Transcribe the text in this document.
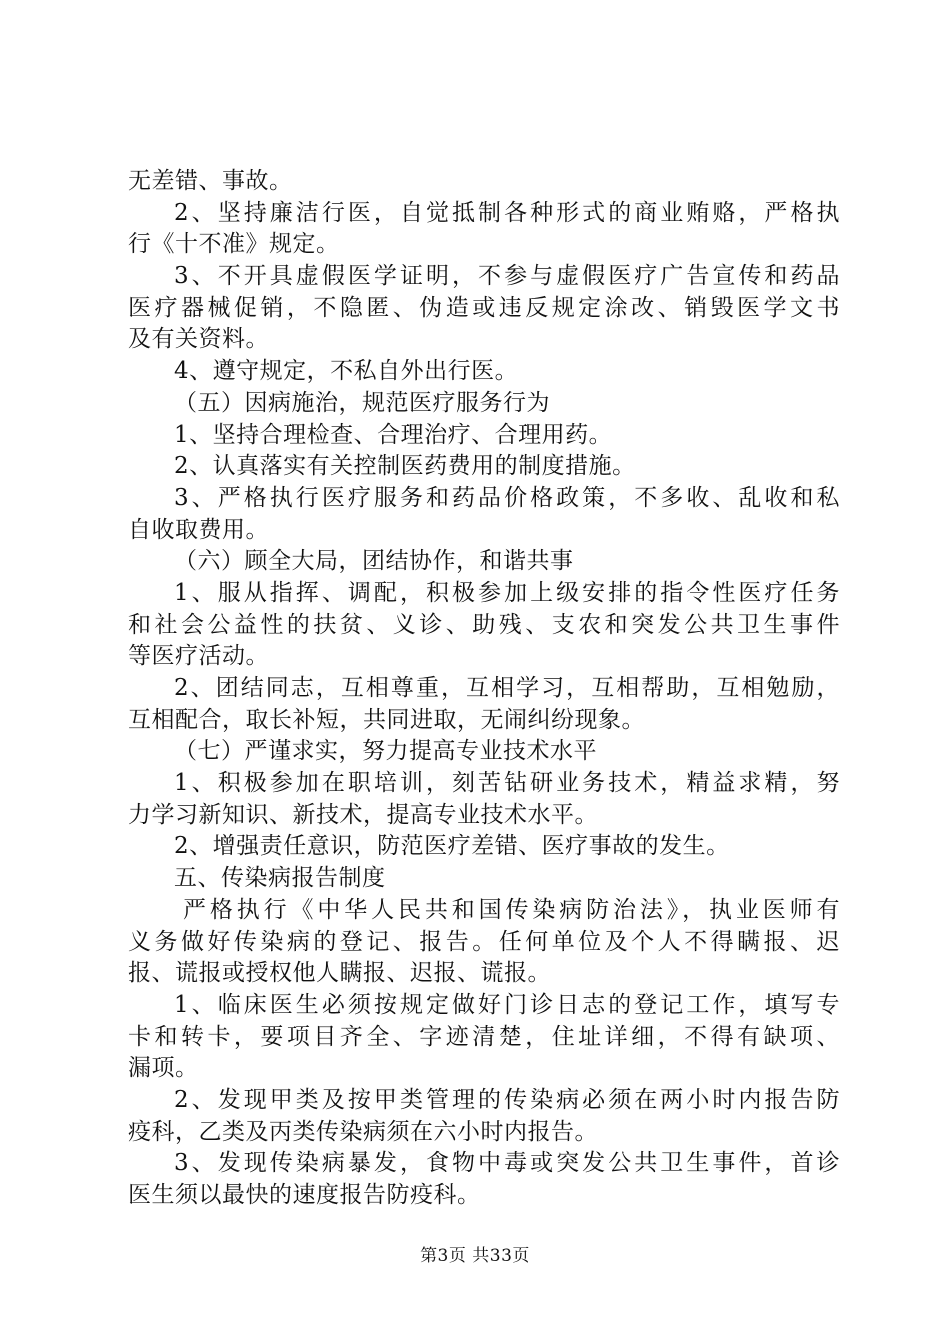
无差错、事故。
2、坚持廉洁行医，自觉抵制各种形式的商业贿赂，严格执
行《十不准》规定。
3、不开具虚假医学证明，不参与虚假医疗广告宣传和药品
医疗器械促销，不隐匿、伪造或违反规定涂改、销毁医学文书
及有关资料。
4、遵守规定，不私自外出行医。
（五）因病施治，规范医疗服务行为
1、坚持合理检查、合理治疗、合理用药。
2、认真落实有关控制医药费用的制度措施。
3、严格执行医疗服务和药品价格政策，不多收、乱收和私
自收取费用。
（六）顾全大局，团结协作，和谐共事
1、服从指挥、调配，积极参加上级安排的指令性医疗任务
和社会公益性的扶贫、义诊、助残、支农和突发公共卫生事件
等医疗活动。
2、团结同志，互相尊重，互相学习，互相帮助，互相勉励，
互相配合，取长补短，共同进取，无闹纠纷现象。
（七）严谨求实，努力提高专业技术水平
1、积极参加在职培训，刻苦钻研业务技术，精益求精，努
力学习新知识、新技术，提高专业技术水平。
2、增强责任意识，防范医疗差错、医疗事故的发生。
五、传染病报告制度
严格执行《中华人民共和国传染病防治法》，执业医师有
义务做好传染病的登记、报告。任何单位及个人不得瞒报、迟
报、谎报或授权他人瞒报、迟报、谎报。
1、临床医生必须按规定做好门诊日志的登记工作，填写专
卡和转卡，要项目齐全、字迹清楚，住址详细，不得有缺项、
漏项。
2、发现甲类及按甲类管理的传染病必须在两小时内报告防
疫科，乙类及丙类传染病须在六小时内报告。
3、发现传染病暴发，食物中毒或突发公共卫生事件，首诊
医生须以最快的速度报告防疫科。
第3页 共33页
